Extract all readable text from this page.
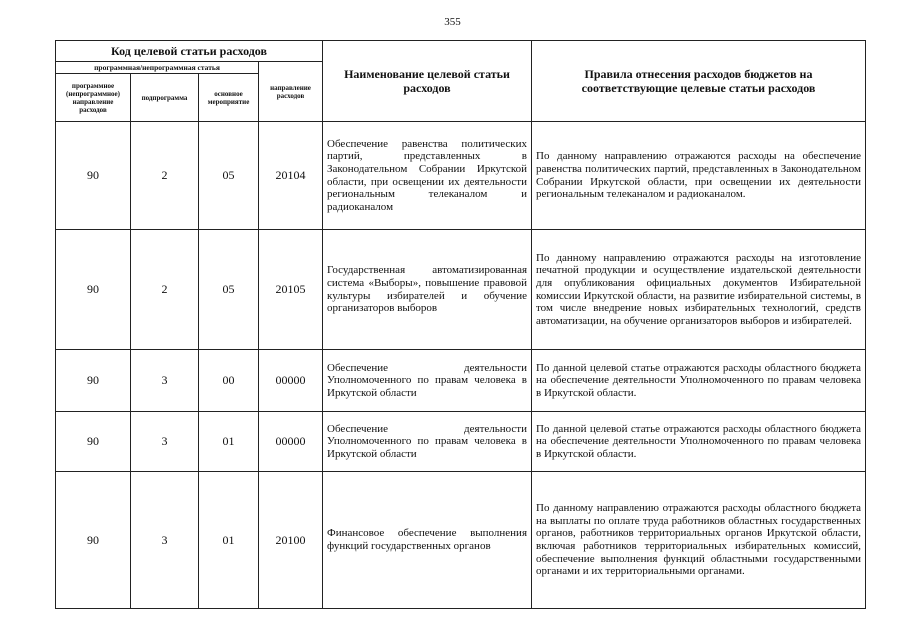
355
Код целевой статьи расходов				Наименование целевой статьи расходов	Правила отнесения расходов бюджетов на соответствующие целевые статьи расходов
программная/непрограммная статья			направление расходов		
программное (непрограммное) направление расходов	подпрограмма	основное мероприятие			
90	2	05	20104	Обеспечение равенства политических партий, представленных в Законодательном Собрании Иркутской области, при освещении их деятельности региональным телеканалом и радиоканалом	По данному направлению отражаются расходы на обеспечение равенства политических партий, представленных в Законодательном Собрании Иркутской области, при освещении их деятельности региональным телеканалом и радиоканалом.
90	2	05	20105	Государственная автоматизированная система «Выборы», повышение правовой культуры избирателей и обучение организаторов выборов	По данному направлению отражаются расходы на изготовление печатной продукции и осуществление издательской деятельности для опубликования официальных документов Избирательной комиссии Иркутской области, на развитие избирательной системы, в том числе внедрение новых избирательных технологий, средств автоматизации, на обучение организаторов выборов и избирателей.
90	3	00	00000	Обеспечение деятельности Уполномоченного по правам человека в Иркутской области	По данной целевой статье отражаются расходы областного бюджета на обеспечение деятельности Уполномоченного по правам человека в Иркутской области.
90	3	01	00000	Обеспечение деятельности Уполномоченного по правам человека в Иркутской области	По данной целевой статье отражаются расходы областного бюджета на обеспечение деятельности Уполномоченного по правам человека в Иркутской области.
90	3	01	20100	Финансовое обеспечение выполнения функций государственных органов	По данному направлению отражаются расходы областного бюджета на выплаты по оплате труда работников областных государственных органов, работников территориальных органов Иркутской области, включая работников территориальных избирательных комиссий, обеспечение выполнения функций областными государственными органами и их территориальными органами.
